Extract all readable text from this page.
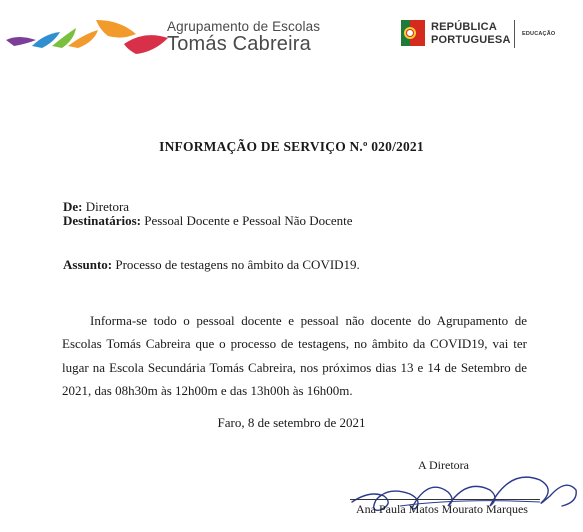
Agrupamento de Escolas
Tomás Cabreira
REPÚBLICA
PORTUGUESA EDUCAÇÃO
INFORMAÇÃO DE SERVIÇO N.º 020/2021
De: Diretora
Destinatários: Pessoal Docente e Pessoal Não Docente
Assunto: Processo de testagens no âmbito da COVID19.
Informa-se todo o pessoal docente e pessoal não docente do Agrupamento de Escolas Tomás Cabreira que o processo de testagens, no âmbito da COVID19, vai ter lugar na Escola Secundária Tomás Cabreira, nos próximos dias 13 e 14 de Setembro de 2021, das 08h30m às 12h00m e das 13h00h às 16h00m.
Faro, 8 de setembro de 2021
A Diretora
Ana Paula Matos Mourato Marques
